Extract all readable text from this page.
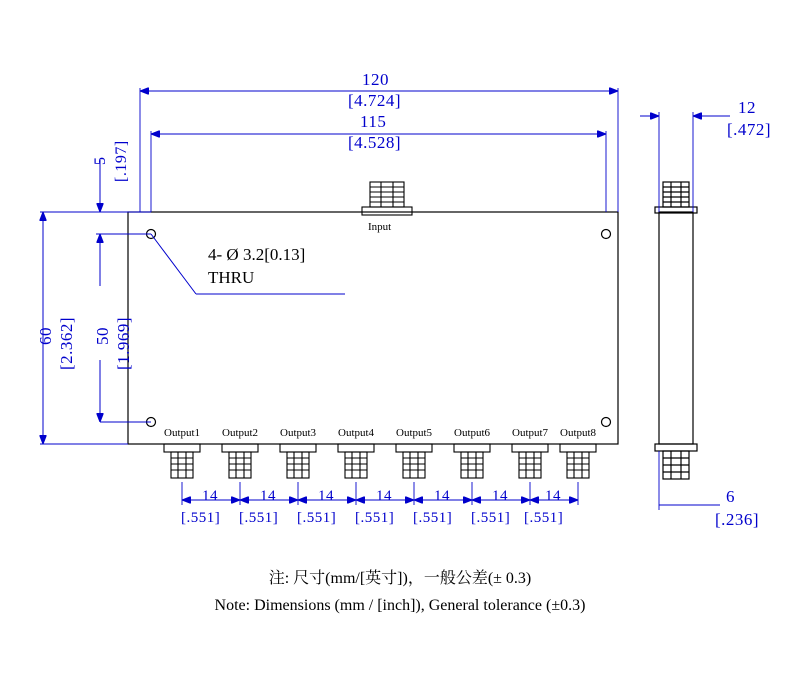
120
[4.724]
115
[4.528]
5 [.197]
60 [2.362] 50 [1.969]
4- Ø 3.2[0.13]
THRU
Input
Output1 Output2 Output3 Output4 Output5 Output6 Output7 Output8
14
[.551]
14
[.551]
14
[.551]
14
[.551]
14
[.551]
14
[.551]
14
[.551]
12
[.472]
6
[.236]
注: 尺寸(mm/[英寸])，一般公差(± 0.3)
Note: Dimensions (mm / [inch]), General tolerance (±0.3)
